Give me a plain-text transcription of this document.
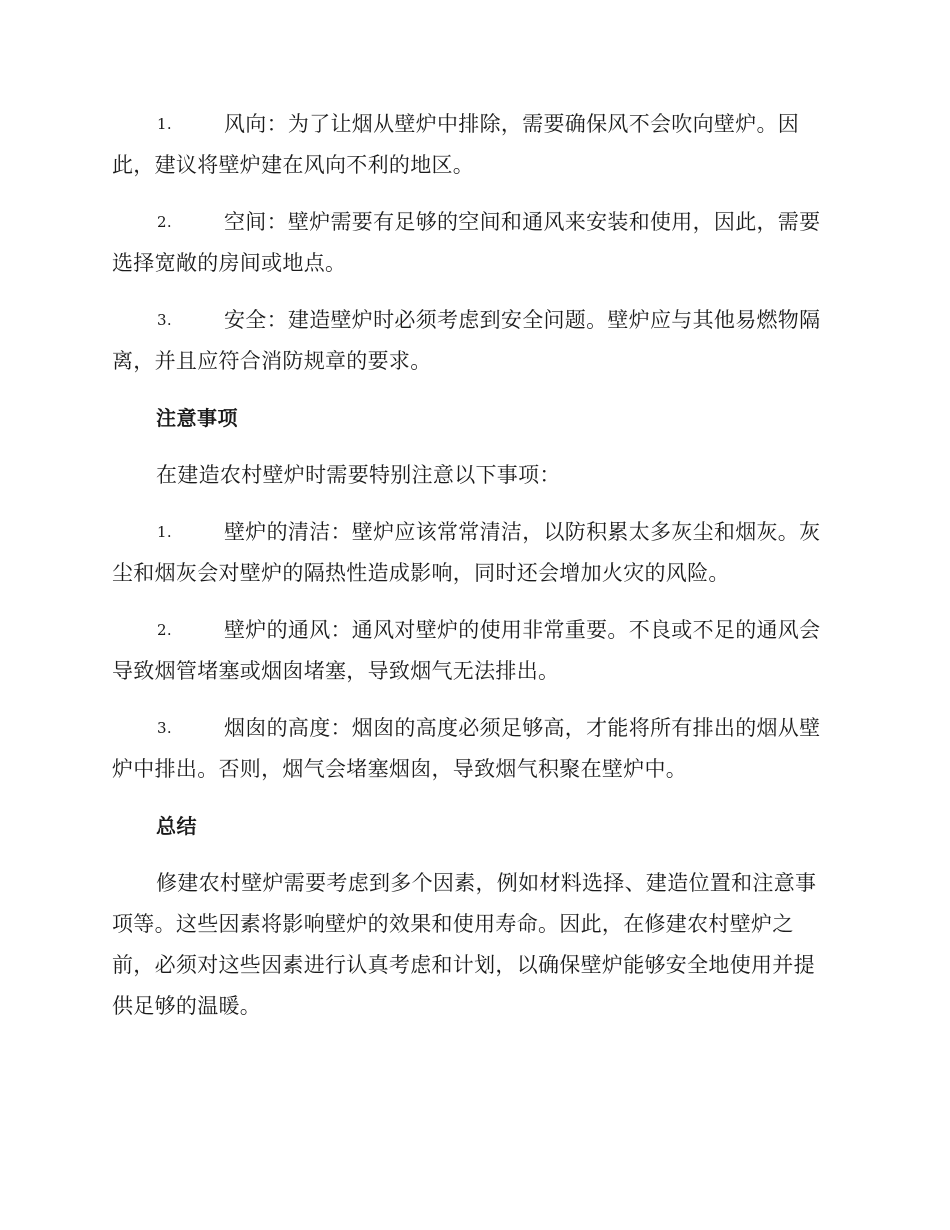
1. 风向：为了让烟从壁炉中排除，需要确保风不会吹向壁炉。因
此，建议将壁炉建在风向不利的地区。
2. 空间：壁炉需要有足够的空间和通风来安装和使用，因此，需要
选择宽敞的房间或地点。
3. 安全：建造壁炉时必须考虑到安全问题。壁炉应与其他易燃物隔
离，并且应符合消防规章的要求。
注意事项
在建造农村壁炉时需要特别注意以下事项：
1. 壁炉的清洁：壁炉应该常常清洁，以防积累太多灰尘和烟灰。灰
尘和烟灰会对壁炉的隔热性造成影响，同时还会增加火灾的风险。
2. 壁炉的通风：通风对壁炉的使用非常重要。不良或不足的通风会
导致烟管堵塞或烟囱堵塞，导致烟气无法排出。
3. 烟囱的高度：烟囱的高度必须足够高，才能将所有排出的烟从壁
炉中排出。否则，烟气会堵塞烟囱，导致烟气积聚在壁炉中。
总结
修建农村壁炉需要考虑到多个因素，例如材料选择、建造位置和注意事项等。这些因素将影响壁炉的效果和使用寿命。因此，在修建农村壁炉之前，必须对这些因素进行认真考虑和计划，以确保壁炉能够安全地使用并提供足够的温暖。
